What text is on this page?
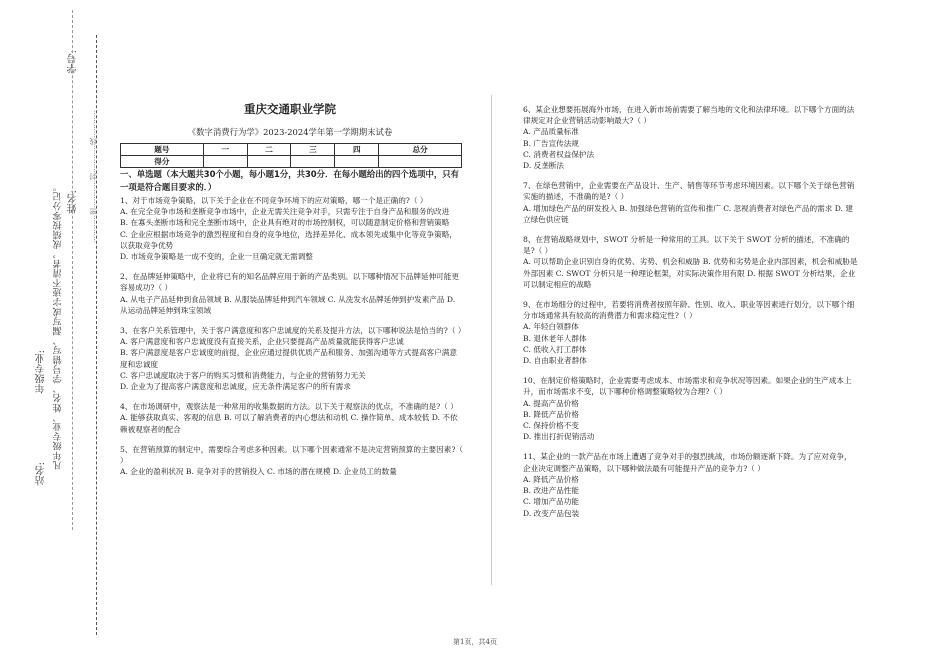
站名:
年级专业:
姓名:
学号:
凡年级专业、姓名、学号错写、漏写或字迹不清者，成绩按零分记。
…………密…………封…………线…………
重庆交通职业学院
《数字消费行为学》2023-2024学年第一学期期末试卷
题号	一	二	三	四	总分
得分					
一、单选题（本大题共30个小题，每小题1分，共30分．在每小题给出的四个选项中，只有一项是符合题目要求的．）

1、对于市场竞争策略，以下关于企业在不同竞争环境下的应对策略，哪一个是正确的?（ ）

A. 在完全竞争市场和垄断竞争市场中，企业无需关注竞争对手，只需专注于自身产品和服务的改进

B. 在寡头垄断市场和完全垄断市场中，企业具有绝对的市场控制权，可以随意制定价格和营销策略

C. 企业应根据市场竞争的激烈程度和自身的竞争地位，选择差异化、成本领先或集中化等竞争策略，以获取竞争优势

D. 市场竞争策略是一成不变的，企业一旦确定就无需调整

2、在品牌延伸策略中，企业将已有的知名品牌应用于新的产品类别。以下哪种情况下品牌延伸可能更容易成功?（ ）

A. 从电子产品延伸到食品领域 B. 从服装品牌延伸到汽车领域 C. 从洗发水品牌延伸到护发素产品 D. 从运动品牌延伸到珠宝领域

3、在客户关系管理中，关于客户满意度和客户忠诚度的关系及提升方法，以下哪种说法是恰当的?（ ）

A. 客户满意度和客户忠诚度没有直接关系，企业只要提高产品质量就能获得客户忠诚

B. 客户满意度是客户忠诚度的前提，企业应通过提供优质产品和服务、加强沟通等方式提高客户满意度和忠诚度

C. 客户忠诚度取决于客户的购买习惯和消费能力，与企业的营销努力无关

D. 企业为了提高客户满意度和忠诚度，应无条件满足客户的所有需求

4、在市场调研中，观察法是一种常用的收集数据的方法。以下关于观察法的优点，不准确的是?（ ）

A. 能够获取真实、客观的信息 B. 可以了解消费者的内心想法和动机 C. 操作简单、成本较低 D. 不依赖被观察者的配合

5、在营销预算的制定中，需要综合考虑多种因素。以下哪个因素通常不是决定营销预算的主要因素?（ ）

A. 企业的盈利状况 B. 竞争对手的营销投入 C. 市场的潜在规模 D. 企业员工的数量

6、某企业想要拓展海外市场，在进入新市场前需要了解当地的文化和法律环境。以下哪个方面的法律规定对企业营销活动影响最大?（ ）

A. 产品质量标准

B. 广告宣传法规

C. 消费者权益保护法

D. 反垄断法

7、在绿色营销中，企业需要在产品设计、生产、销售等环节考虑环境因素。以下哪个关于绿色营销实施的描述，不准确的是?（ ）

A. 增加绿色产品的研发投入 B. 加强绿色营销的宣传和推广 C. 忽视消费者对绿色产品的需求 D. 建立绿色供应链

8、在营销战略规划中，SWOT 分析是一种常用的工具。以下关于 SWOT 分析的描述，不准确的是?（ ）

A. 可以帮助企业识别自身的优势、劣势、机会和威胁 B. 优势和劣势是企业内部因素，机会和威胁是外部因素 C. SWOT 分析只是一种理论框架，对实际决策作用有限 D. 根据 SWOT 分析结果，企业可以制定相应的战略

9、在市场细分的过程中，若要将消费者按照年龄、性别、收入、职业等因素进行划分，以下哪个细分市场通常具有较高的消费潜力和需求稳定性?（ ）

A. 年轻白领群体

B. 退休老年人群体

C. 低收入打工群体

D. 自由职业者群体

10、在制定价格策略时，企业需要考虑成本、市场需求和竞争状况等因素。如果企业的生产成本上升，而市场需求不变，以下哪种价格调整策略较为合理?（ ）

A. 提高产品价格

B. 降低产品价格

C. 保持价格不变

D. 推出打折促销活动

11、某企业的一款产品在市场上遭遇了竞争对手的强烈挑战，市场份额逐渐下降。为了应对竞争，企业决定调整产品策略，以下哪种做法最有可能提升产品的竞争力?（ ）

A. 降低产品价格

B. 改进产品性能

C. 增加产品功能

D. 改变产品包装

第1页，共4页
